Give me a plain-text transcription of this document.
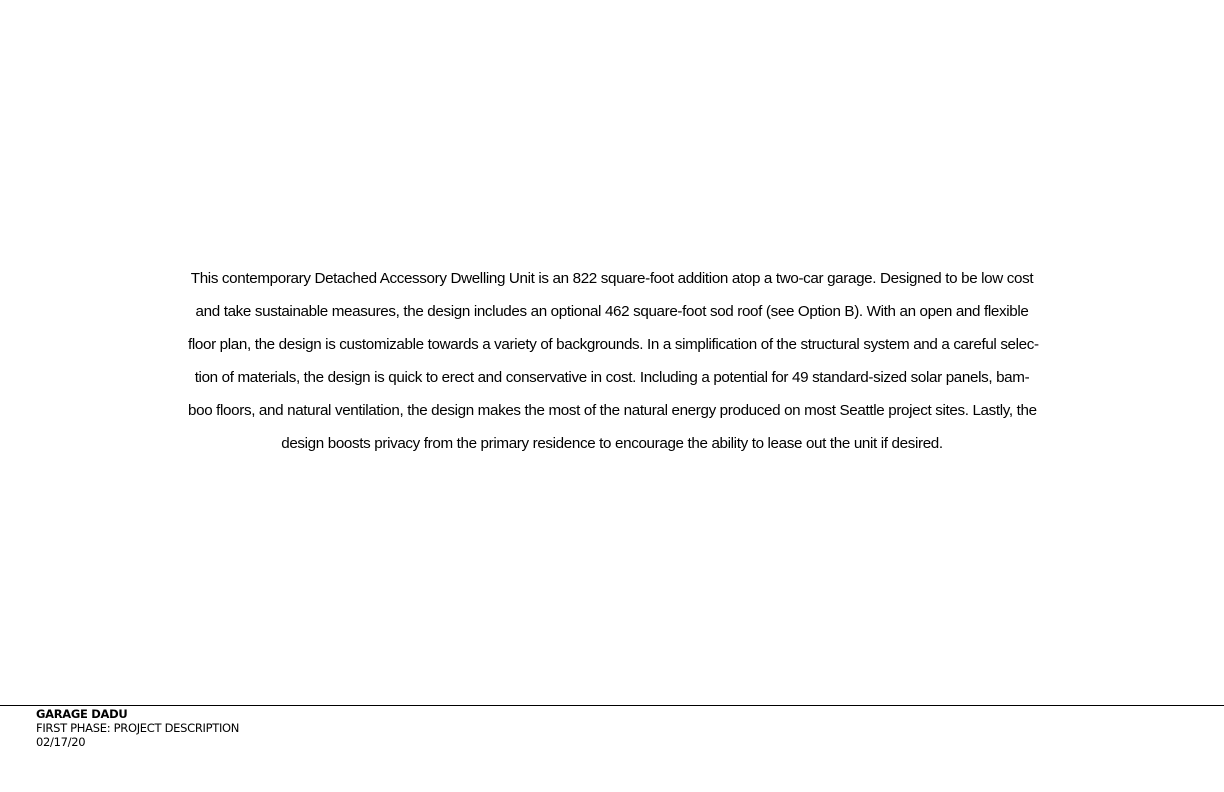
This contemporary Detached Accessory Dwelling Unit is an 822 square-foot addition atop a two-car garage. Designed to be low cost
and take sustainable measures, the design includes an optional 462 square-foot sod roof (see Option B). With an open and flexible
floor plan, the design is customizable towards a variety of backgrounds. In a simplification of the structural system and a careful selec-
tion of materials, the design is quick to erect and conservative in cost. Including a potential for 49 standard-sized solar panels, bam-
boo floors, and natural ventilation, the design makes the most of the natural energy produced on most Seattle project sites. Lastly, the
design boosts privacy from the primary residence to encourage the ability to lease out the unit if desired.

GARAGE DADU
FIRST PHASE: PROJECT DESCRIPTION
02/17/20
